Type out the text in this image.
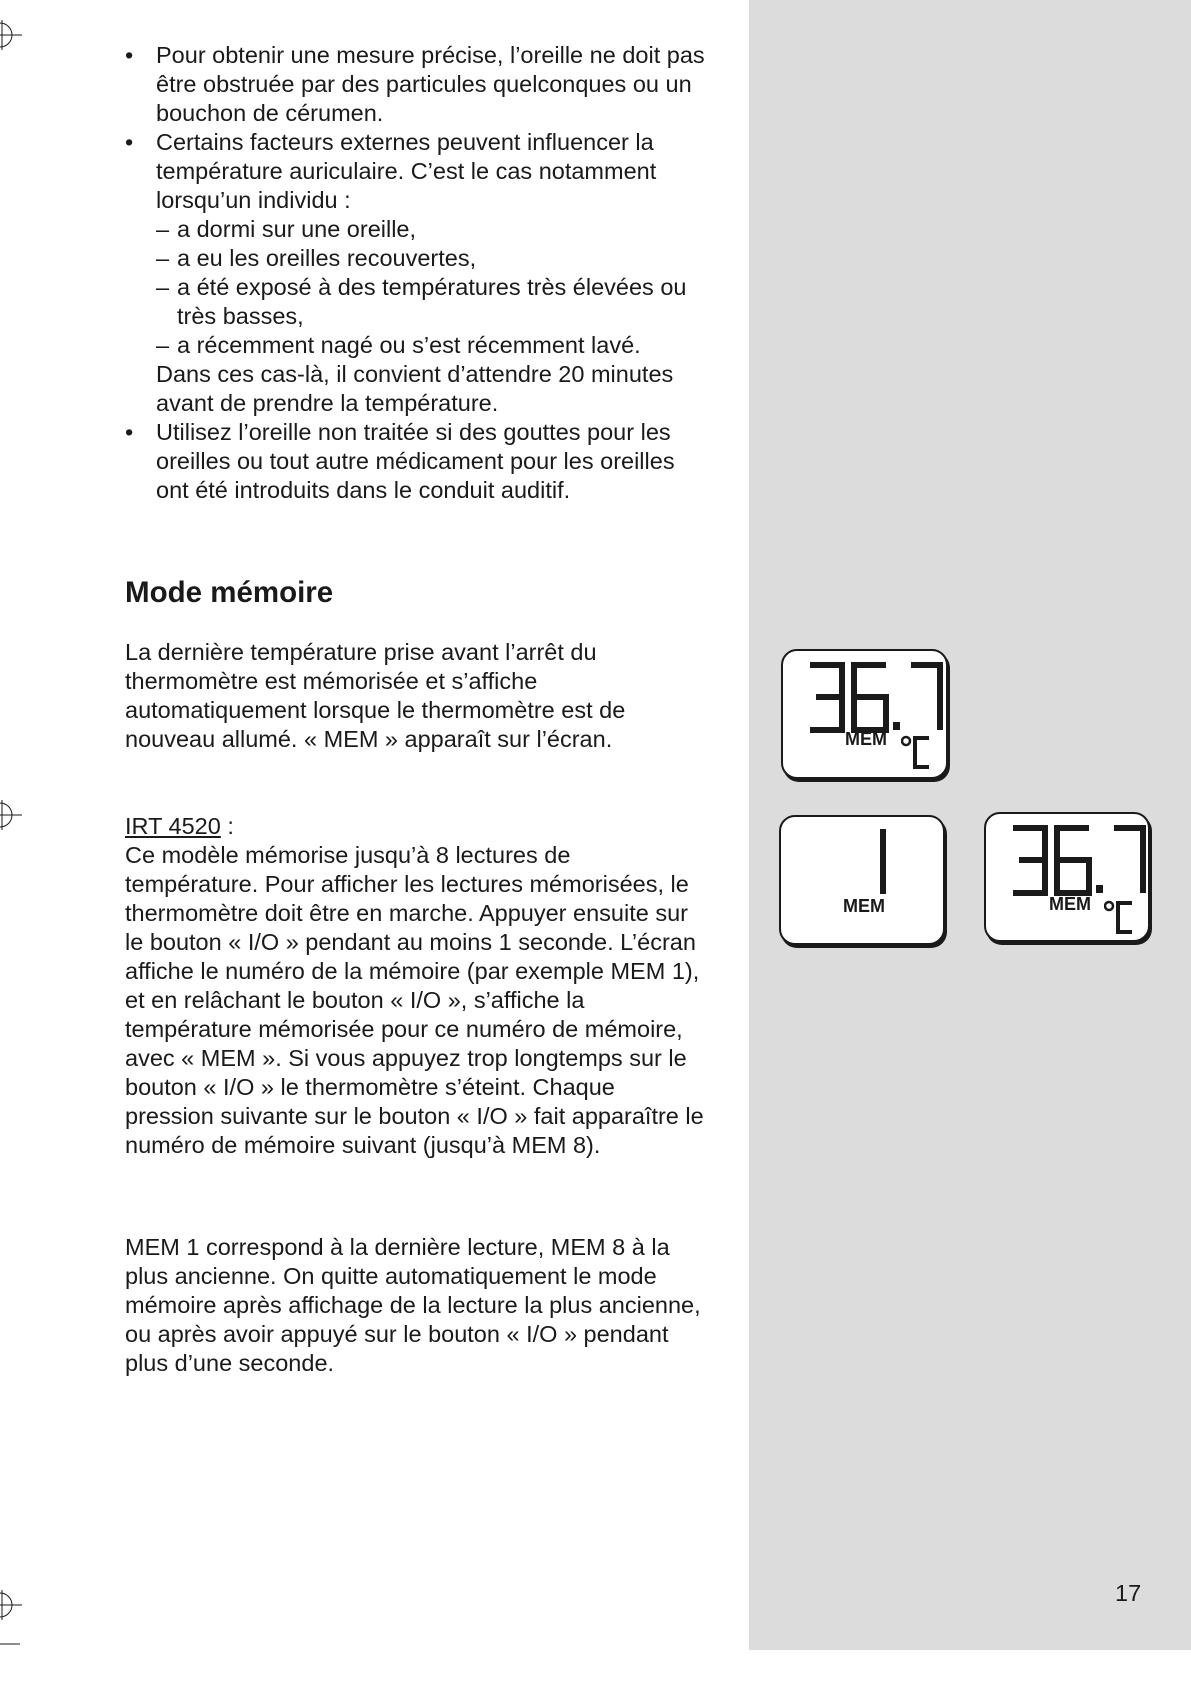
• Pour obtenir une mesure précise, l’oreille ne doit pas être obstruée par des particules quelconques ou un bouchon de cérumen.
• Certains facteurs externes peuvent influencer la température auriculaire. C’est le cas notamment lorsqu’un individu :
– a dormi sur une oreille,
– a eu les oreilles recouvertes,
– a été exposé à des températures très élevées ou très basses,
– a récemment nagé ou s’est récemment lavé.
Dans ces cas-là, il convient d’attendre 20 minutes avant de prendre la température.
• Utilisez l’oreille non traitée si des gouttes pour les oreilles ou tout autre médicament pour les oreilles ont été introduits dans le conduit auditif.
Mode mémoire

La dernière température prise avant l’arrêt du thermomètre est mémorisée et s’affiche automatiquement lorsque le thermomètre est de nouveau allumé. « MEM » apparaît sur l’écran.

IRT 4520 :

Ce modèle mémorise jusqu’à 8 lectures de température. Pour afficher les lectures mémorisées, le thermomètre doit être en marche. Appuyer ensuite sur le bouton « I/O » pendant au moins 1 seconde. L’écran affiche le numéro de la mémoire (par exemple MEM 1), et en relâchant le bouton « I/O », s’affiche la température mémorisée pour ce numéro de mémoire, avec « MEM ». Si vous appuyez trop longtemps sur le bouton « I/O » le thermomètre s’éteint. Chaque pression suivante sur le bouton « I/O » fait apparaître le numéro de mémoire suivant (jusqu’à MEM 8).

MEM 1 correspond à la dernière lecture, MEM 8 à la plus ancienne. On quitte automatiquement le mode mémoire après affichage de la lecture la plus ancienne, ou après avoir appuyé sur le bouton « I/O » pendant plus d’une seconde.

MEM
MEM	MEM
17
